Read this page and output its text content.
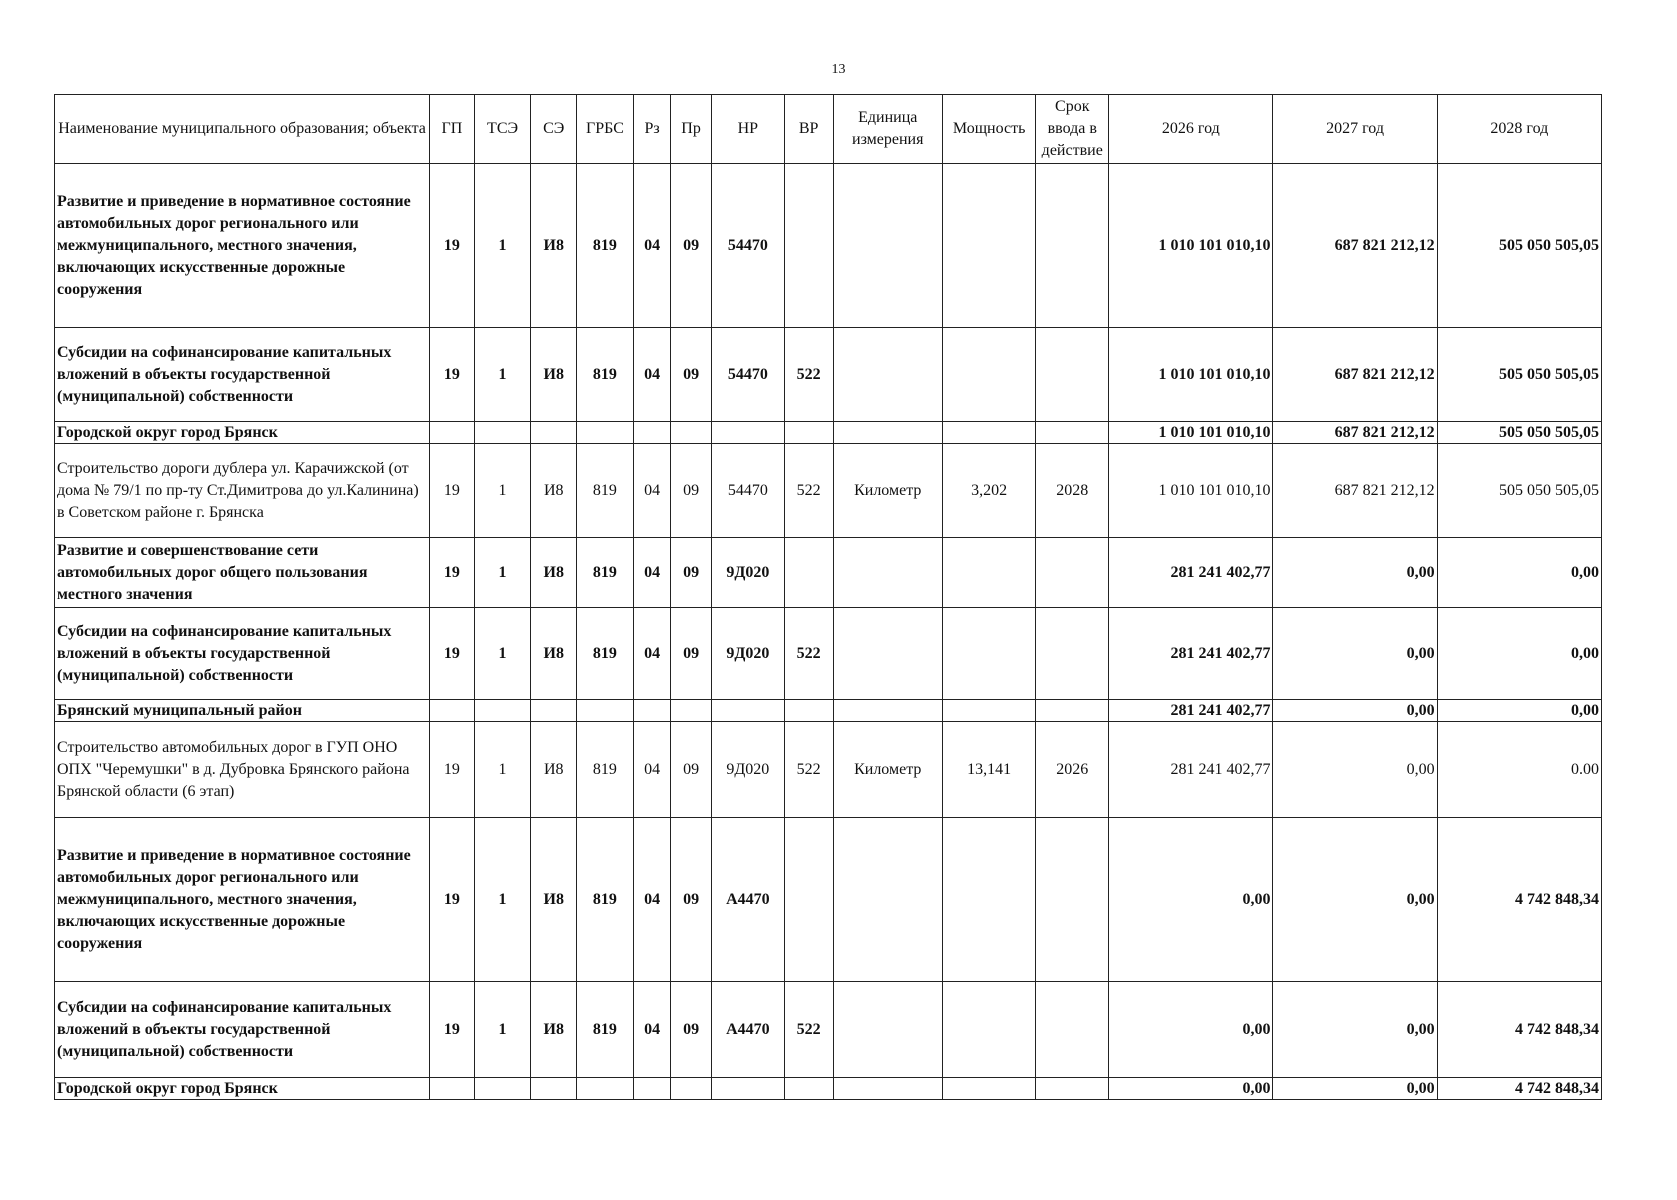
13
Наименование муниципального образования; объекта	ГП	ТСЭ	СЭ	ГРБС	Рз	Пр	НР	ВР	Единица измерения	Мощность	Срок ввода в действие	2026 год	2027 год	2028 год
Развитие и приведение в нормативное состояние автомобильных дорог регионального или межмуниципального, местного значения, включающих искусственные дорожные сооружения	19	1	И8	819	04	09	54470					1 010 101 010,10	687 821 212,12	505 050 505,05
Субсидии на софинансирование капитальных вложений в объекты государственной (муниципальной) собственности	19	1	И8	819	04	09	54470	522				1 010 101 010,10	687 821 212,12	505 050 505,05
Городской округ город Брянск												1 010 101 010,10	687 821 212,12	505 050 505,05
Строительство дороги дублера ул. Карачижской (от дома № 79/1 по пр-ту Ст.Димитрова до ул.Калинина) в Советском районе г. Брянска	19	1	И8	819	04	09	54470	522	Километр	3,202	2028	1 010 101 010,10	687 821 212,12	505 050 505,05
Развитие и совершенствование сети автомобильных дорог общего пользования местного значения	19	1	И8	819	04	09	9Д020					281 241 402,77	0,00	0,00
Субсидии на софинансирование капитальных вложений в объекты государственной (муниципальной) собственности	19	1	И8	819	04	09	9Д020	522				281 241 402,77	0,00	0,00
Брянский муниципальный район												281 241 402,77	0,00	0,00
Строительство автомобильных дорог в ГУП ОНО ОПХ "Черемушки" в д. Дубровка Брянского района Брянской области (6 этап)	19	1	И8	819	04	09	9Д020	522	Километр	13,141	2026	281 241 402,77	0,00	0.00
Развитие и приведение в нормативное состояние автомобильных дорог регионального или межмуниципального, местного значения, включающих искусственные дорожные сооружения	19	1	И8	819	04	09	А4470					0,00	0,00	4 742 848,34
Субсидии на софинансирование капитальных вложений в объекты государственной (муниципальной) собственности	19	1	И8	819	04	09	А4470	522				0,00	0,00	4 742 848,34
Городской округ город Брянск												0,00	0,00	4 742 848,34
